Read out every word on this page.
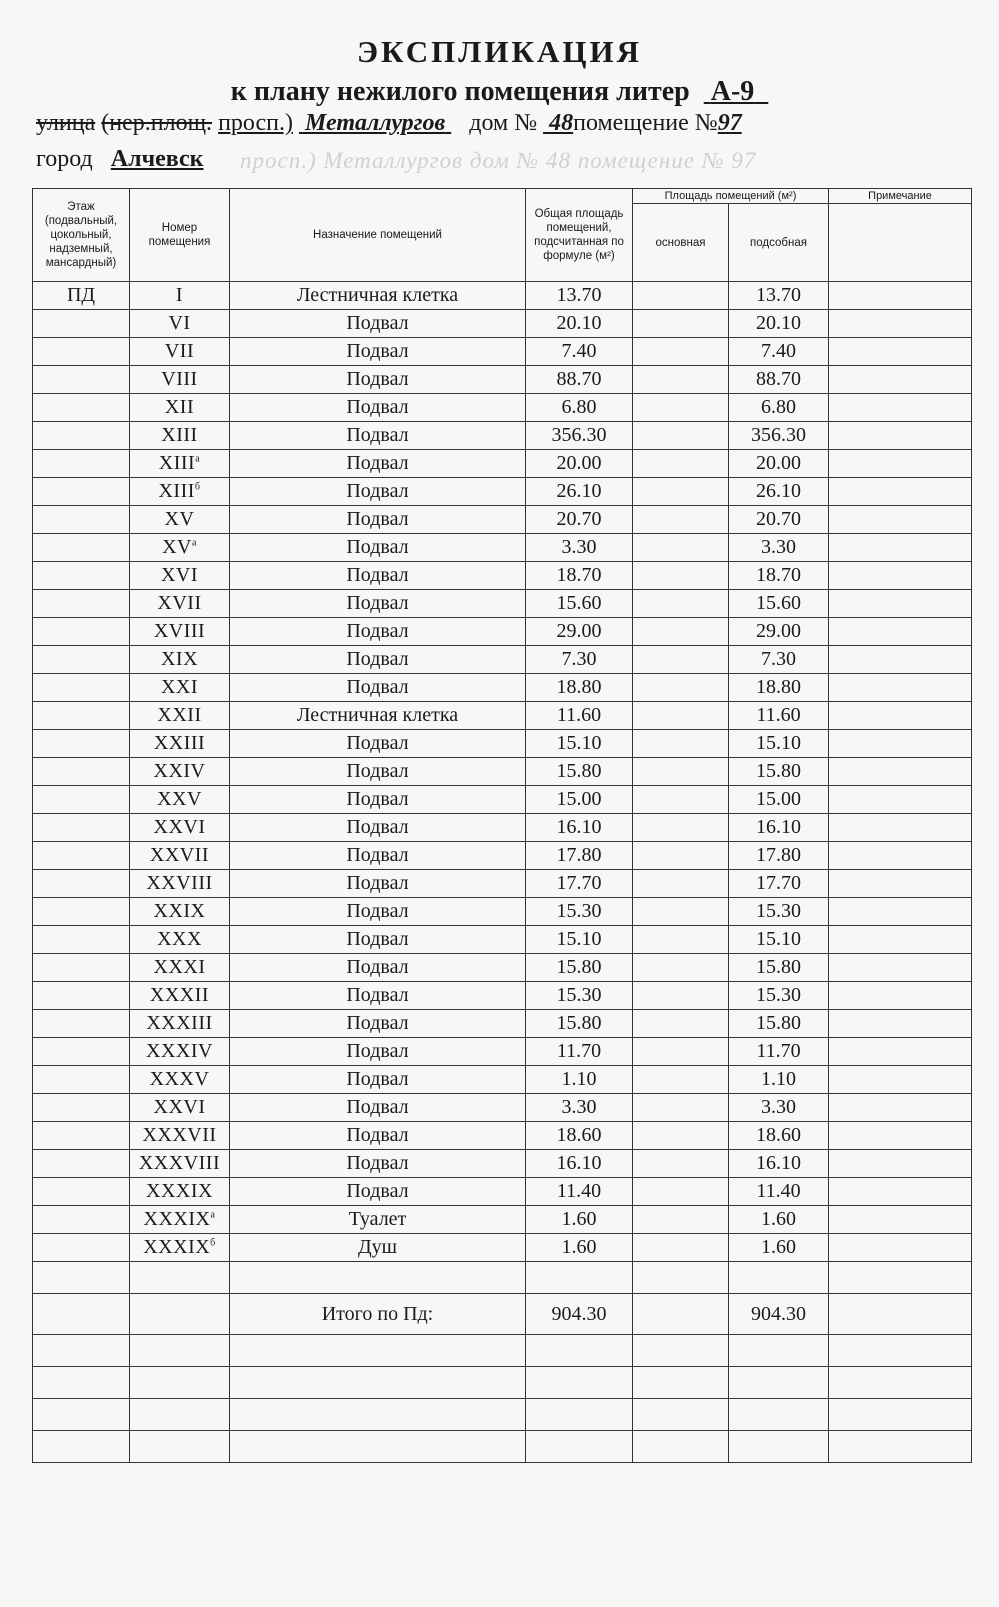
просп.) Металлургов дом № 48 помещение № 97
ЭКСПЛИКАЦИЯ
к плану нежилого помещения литер А-9
улица (нер.площ. просп.) Металлургов дом № 48помещение №97
город Алчевск
Этаж (подвальный, цокольный, надземный, мансардный)	Номер помещения	Назначение помещений	Общая площадь помещений, подсчитанная по формуле (м²)	Площадь помещений (м²)		Примечание
				основная	подсобная	
ПД	I	Лестничная клетка	13.70		13.70	
	VI	Подвал	20.10		20.10	
	VII	Подвал	7.40		7.40	
	VIII	Подвал	88.70		88.70	
	XII	Подвал	6.80		6.80	
	XIII	Подвал	356.30		356.30	
	$XIII^а$	Подвал	20.00		20.00	
	$XIII^б$	Подвал	26.10		26.10	
	XV	Подвал	20.70		20.70	
	$XV^а$	Подвал	3.30		3.30	
	XVI	Подвал	18.70		18.70	
	XVII	Подвал	15.60		15.60	
	XVIII	Подвал	29.00		29.00	
	XIX	Подвал	7.30		7.30	
	XXI	Подвал	18.80		18.80	
	XXII	Лестничная клетка	11.60		11.60	
	XXIII	Подвал	15.10		15.10	
	XXIV	Подвал	15.80		15.80	
	XXV	Подвал	15.00		15.00	
	XXVI	Подвал	16.10		16.10	
	XXVII	Подвал	17.80		17.80	
	XXVIII	Подвал	17.70		17.70	
	XXIX	Подвал	15.30		15.30	
	XXX	Подвал	15.10		15.10	
	XXXI	Подвал	15.80		15.80	
	XXXII	Подвал	15.30		15.30	
	XXXIII	Подвал	15.80		15.80	
	XXXIV	Подвал	11.70		11.70	
	XXXV	Подвал	1.10		1.10	
	XXVI	Подвал	3.30		3.30	
	XXXVII	Подвал	18.60		18.60	
	XXXVIII	Подвал	16.10		16.10	
	XXXIX	Подвал	11.40		11.40	
	$XXXIX^а$	Туалет	1.60		1.60	
	$XXXIX^б$	Душ	1.60		1.60	

		Итого по Пд:	904.30		904.30	
